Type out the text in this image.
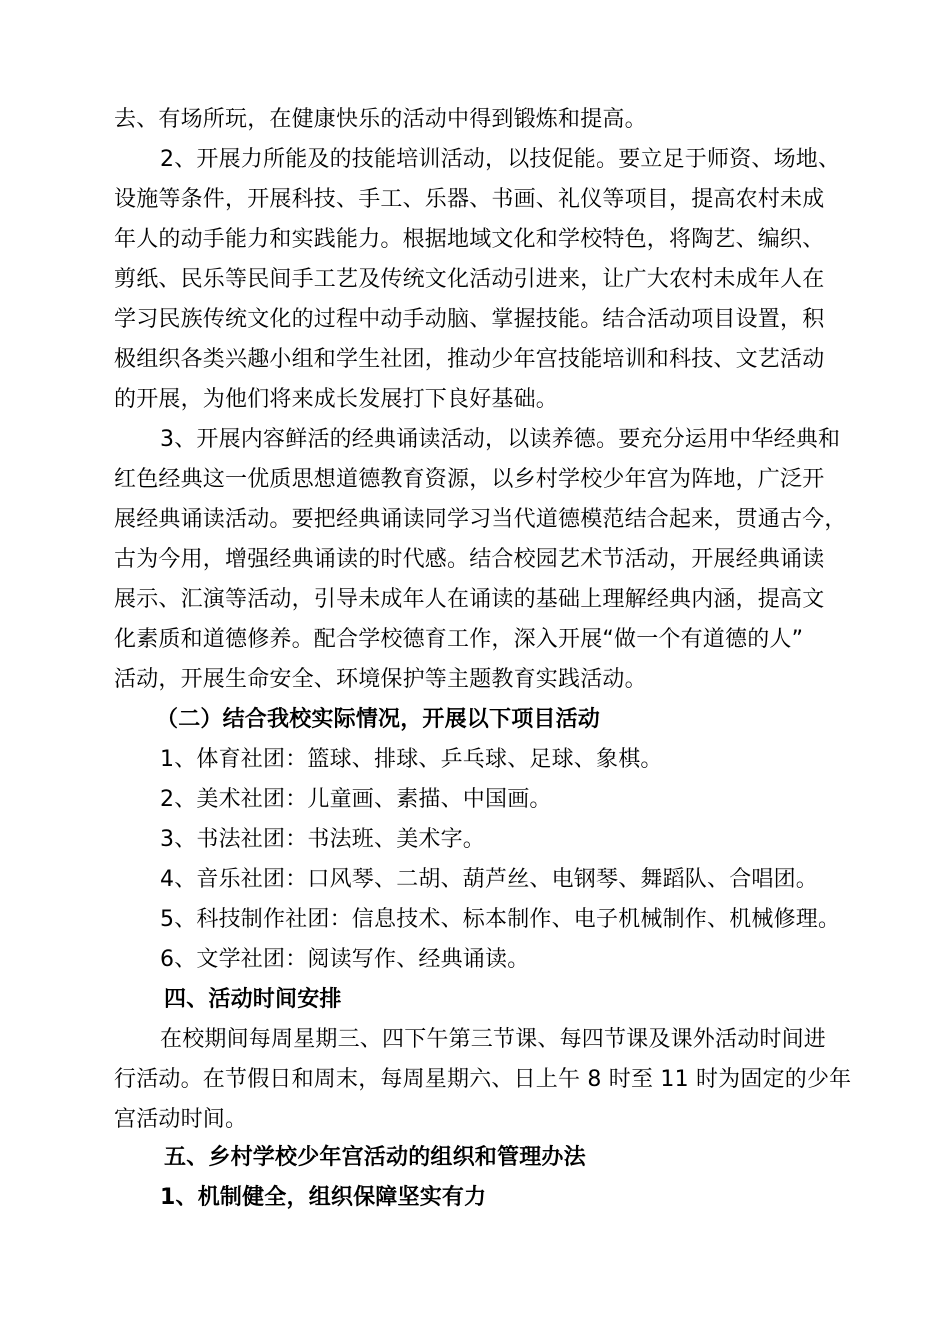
去、有场所玩，在健康快乐的活动中得到锻炼和提高。
2、开展力所能及的技能培训活动，以技促能。要立足于师资、场地、
设施等条件，开展科技、手工、乐器、书画、礼仪等项目，提高农村未成
年人的动手能力和实践能力。根据地域文化和学校特色，将陶艺、编织、
剪纸、民乐等民间手工艺及传统文化活动引进来，让广大农村未成年人在
学习民族传统文化的过程中动手动脑、掌握技能。结合活动项目设置，积
极组织各类兴趣小组和学生社团，推动少年宫技能培训和科技、文艺活动
的开展，为他们将来成长发展打下良好基础。
3、开展内容鲜活的经典诵读活动，以读养德。要充分运用中华经典和
红色经典这一优质思想道德教育资源，以乡村学校少年宫为阵地，广泛开
展经典诵读活动。要把经典诵读同学习当代道德模范结合起来，贯通古今，
古为今用，增强经典诵读的时代感。结合校园艺术节活动，开展经典诵读
展示、汇演等活动，引导未成年人在诵读的基础上理解经典内涵，提高文
化素质和道德修养。配合学校德育工作，深入开展“做一个有道德的人”
活动，开展生命安全、环境保护等主题教育实践活动。
（二）结合我校实际情况，开展以下项目活动
1、体育社团：篮球、排球、乒乓球、足球、象棋。
2、美术社团：儿童画、素描、中国画。
3、书法社团：书法班、美术字。
4、音乐社团：口风琴、二胡、葫芦丝、电钢琴、舞蹈队、合唱团。
5、科技制作社团：信息技术、标本制作、电子机械制作、机械修理。
6、文学社团：阅读写作、经典诵读。
四、活动时间安排
在校期间每周星期三、四下午第三节课、每四节课及课外活动时间进
行活动。在节假日和周末，每周星期六、日上午 8 时至 11 时为固定的少年
宫活动时间。
五、乡村学校少年宫活动的组织和管理办法
1、机制健全，组织保障坚实有力
